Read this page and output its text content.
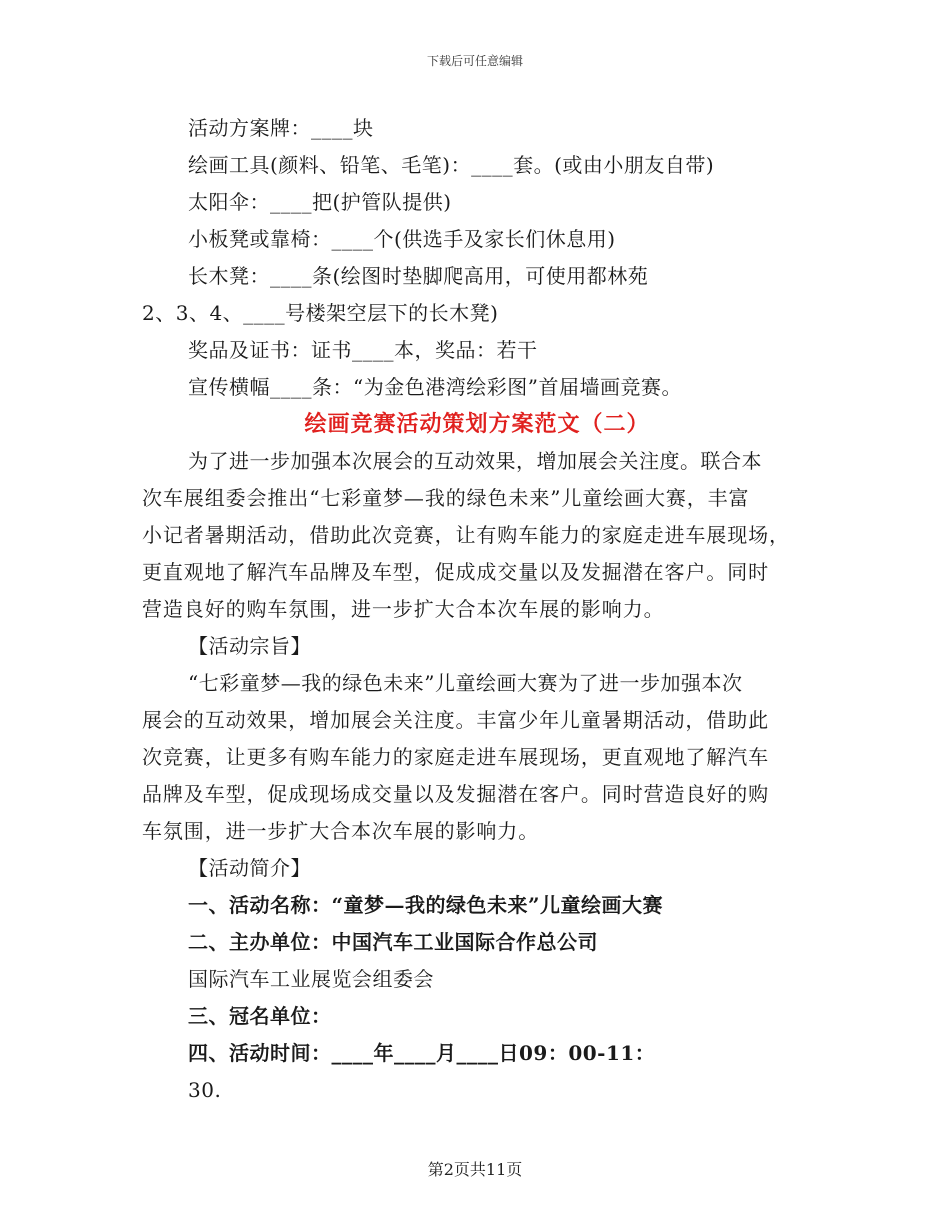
下载后可任意编辑
活动方案牌：____块
绘画工具(颜料、铅笔、毛笔)：____套。(或由小朋友自带)
太阳伞：____把(护管队提供)
小板凳或靠椅：____个(供选手及家长们休息用)
长木凳：____条(绘图时垫脚爬高用，可使用都林苑
2、3、4、____号楼架空层下的长木凳)
奖品及证书：证书____本，奖品：若干
宣传横幅____条：“为金色港湾绘彩图”首届墙画竞赛。
绘画竞赛活动策划方案范文（二）
为了进一步加强本次展会的互动效果，增加展会关注度。联合本
次车展组委会推出“七彩童梦—我的绿色未来”儿童绘画大赛，丰富
小记者暑期活动，借助此次竞赛，让有购车能力的家庭走进车展现场，
更直观地了解汽车品牌及车型，促成成交量以及发掘潜在客户。同时
营造良好的购车氛围，进一步扩大合本次车展的影响力。
【活动宗旨】
“七彩童梦—我的绿色未来”儿童绘画大赛为了进一步加强本次
展会的互动效果，增加展会关注度。丰富少年儿童暑期活动，借助此
次竞赛，让更多有购车能力的家庭走进车展现场，更直观地了解汽车
品牌及车型，促成现场成交量以及发掘潜在客户。同时营造良好的购
车氛围，进一步扩大合本次车展的影响力。
【活动简介】
一、活动名称：“童梦—我的绿色未来”儿童绘画大赛
二、主办单位：中国汽车工业国际合作总公司
国际汽车工业展览会组委会
三、冠名单位：
四、活动时间：____年____月____日09：00-11：
30.
第2页共11页
